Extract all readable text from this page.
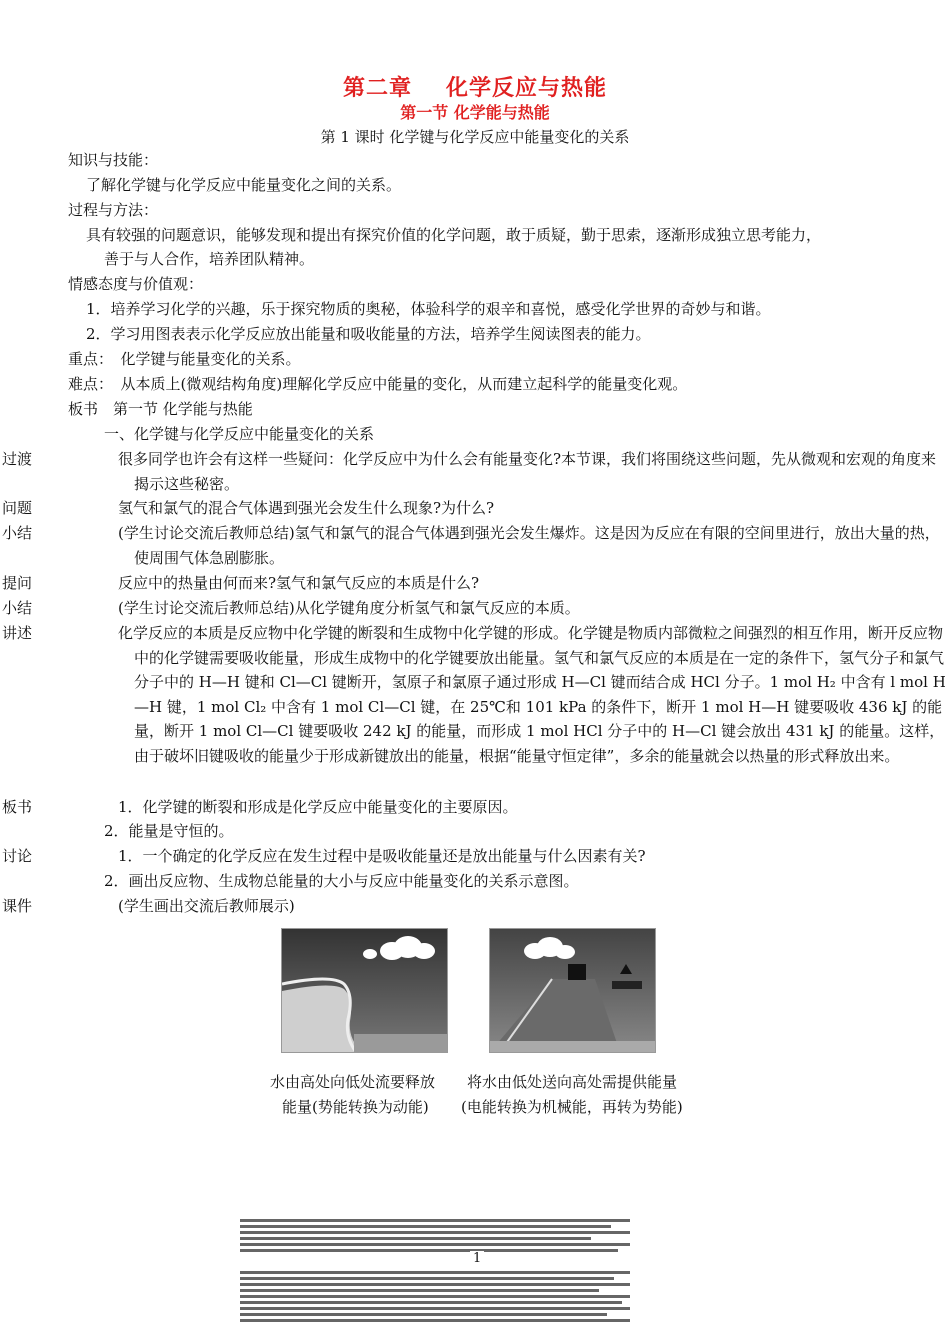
第二章 化学反应与热能
第一节 化学能与热能
第 1 课时 化学键与化学反应中能量变化的关系
知识与技能：
了解化学键与化学反应中能量变化之间的关系。
过程与方法：
具有较强的问题意识，能够发现和提出有探究价值的化学问题，敢于质疑，勤于思索，逐渐形成独立思考能力，
善于与人合作，培养团队精神。
情感态度与价值观：
1．培养学习化学的兴趣，乐于探究物质的奥秘，体验科学的艰辛和喜悦，感受化学世界的奇妙与和谐。
2．学习用图表表示化学反应放出能量和吸收能量的方法，培养学生阅读图表的能力。
重点：　化学键与能量变化的关系。
难点：　从本质上(微观结构角度)理解化学反应中能量的变化，从而建立起科学的能量变化观。
板书　第一节 化学能与热能
一、化学键与化学反应中能量变化的关系
过渡	很多同学也许会有这样一些疑问：化学反应中为什么会有能量变化?本节课，我们将围绕这些问题，先从微观和宏观的角度来揭示这些秘密。
问题	氢气和氯气的混合气体遇到强光会发生什么现象?为什么?
小结	(学生讨论交流后教师总结)氢气和氯气的混合气体遇到强光会发生爆炸。这是因为反应在有限的空间里进行，放出大量的热，使周围气体急剧膨胀。
提问	反应中的热量由何而来?氢气和氯气反应的本质是什么?
小结	(学生讨论交流后教师总结)从化学键角度分析氢气和氯气反应的本质。
讲述	化学反应的本质是反应物中化学键的断裂和生成物中化学键的形成。化学键是物质内部微粒之间强烈的相互作用，断开反应物中的化学键需要吸收能量，形成生成物中的化学键要放出能量。氢气和氯气反应的本质是在一定的条件下，氢气分子和氯气分子中的 H—H 键和 Cl—Cl 键断开，氢原子和氯原子通过形成 H—Cl 键而结合成 HCl 分子。1 mol H₂ 中含有 l mol H—H 键，1 mol Cl₂ 中含有 1 mol Cl—Cl 键，在 25℃和 101 kPa 的条件下，断开 1 mol H—H 键要吸收 436 kJ 的能量，断开 1 mol Cl—Cl 键要吸收 242 kJ 的能量，而形成 1 mol HCl 分子中的 H—Cl 键会放出 431 kJ 的能量。这样，由于破坏旧键吸收的能量少于形成新键放出的能量，根据“能量守恒定律”，多余的能量就会以热量的形式释放出来。
板书	1．化学键的断裂和形成是化学反应中能量变化的主要原因。
2．能量是守恒的。
讨论	1．一个确定的化学反应在发生过程中是吸收能量还是放出能量与什么因素有关?
2．画出反应物、生成物总能量的大小与反应中能量变化的关系示意图。
课件	(学生画出交流后教师展示)
水由高处向低处流要释放
能量(势能转换为动能)
将水由低处送向高处需提供能量
(电能转换为机械能，再转为势能)
1
